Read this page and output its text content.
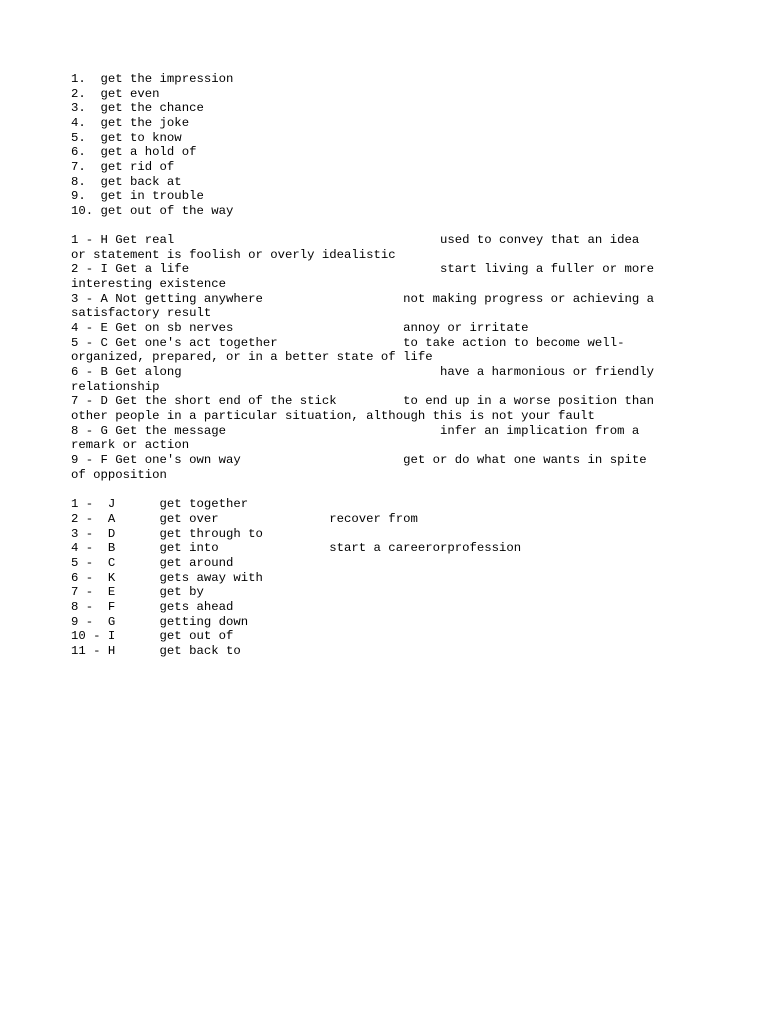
1.  get the impression
2.  get even
3.  get the chance
4.  get the joke
5.  get to know
6.  get a hold of
7.  get rid of
8.  get back at
9.  get in trouble
10. get out of the way
1 - H Get real                                    used to convey that an idea
or statement is foolish or overly idealistic
2 - I Get a life                                  start living a fuller or more
interesting existence
3 - A Not getting anywhere                   not making progress or achieving a
satisfactory result
4 - E Get on sb nerves                       annoy or irritate
5 - C Get one's act together                 to take action to become well-
organized, prepared, or in a better state of life
6 - B Get along                                   have a harmonious or friendly
relationship
7 - D Get the short end of the stick         to end up in a worse position than
other people in a particular situation, although this is not your fault
8 - G Get the message                             infer an implication from a
remark or action
9 - F Get one's own way                      get or do what one wants in spite
of opposition
1 -  J      get together
2 -  A      get over               recover from
3 -  D      get through to
4 -  B      get into               start a careerorprofession
5 -  C      get around
6 -  K      gets away with
7 -  E      get by
8 -  F      gets ahead
9 -  G      getting down
10 - I      get out of
11 - H      get back to
